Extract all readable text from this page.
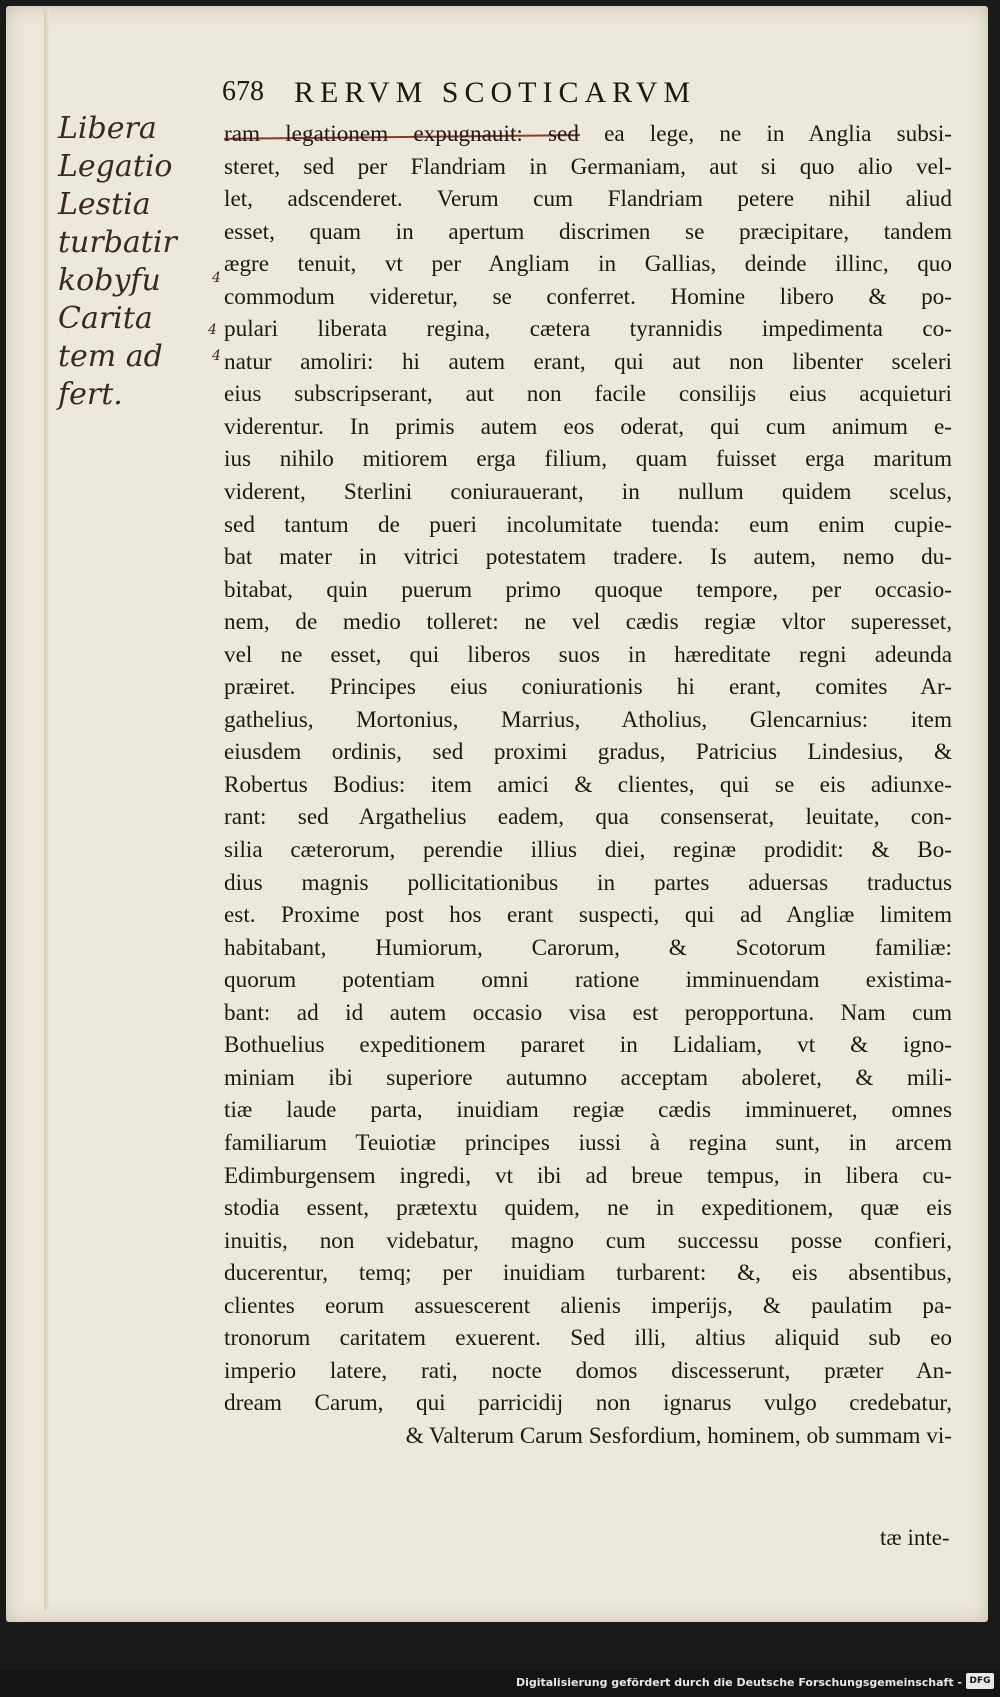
678 RERVM SCOTICARVM
Libera
Legatio
Lestia
turbatir
kobyfu
Carita
tem ad
fert.
4
4
4
ram legationem expugnauit: sed ea lege, ne in Anglia subsi-
steret, sed per Flandriam in Germaniam, aut si quo alio vel-
let, adscenderet. Verum cum Flandriam petere nihil aliud
esset, quam in apertum discrimen se præcipitare, tandem
ægre tenuit, vt per Angliam in Gallias, deinde illinc, quo
commodum videretur, se conferret. Homine libero & po-
pulari liberata regina, cætera tyrannidis impedimenta co-
natur amoliri: hi autem erant, qui aut non libenter sceleri
eius subscripserant, aut non facile consilijs eius acquieturi
viderentur. In primis autem eos oderat, qui cum animum e-
ius nihilo mitiorem erga filium, quam fuisset erga maritum
viderent, Sterlini coniurauerant, in nullum quidem scelus,
sed tantum de pueri incolumitate tuenda: eum enim cupie-
bat mater in vitrici potestatem tradere. Is autem, nemo du-
bitabat, quin puerum primo quoque tempore, per occasio-
nem, de medio tolleret: ne vel cædis regiæ vltor superesset,
vel ne esset, qui liberos suos in hæreditate regni adeunda
præiret. Principes eius coniurationis hi erant, comites Ar-
gathelius, Mortonius, Marrius, Atholius, Glencarnius: item
eiusdem ordinis, sed proximi gradus, Patricius Lindesius, &
Robertus Bodius: item amici & clientes, qui se eis adiunxe-
rant: sed Argathelius eadem, qua consenserat, leuitate, con-
silia cæterorum, perendie illius diei, reginæ prodidit: & Bo-
dius magnis pollicitationibus in partes aduersas traductus
est. Proxime post hos erant suspecti, qui ad Angliæ limitem
habitabant, Humiorum, Carorum, & Scotorum familiæ:
quorum potentiam omni ratione imminuendam existima-
bant: ad id autem occasio visa est peropportuna. Nam cum
Bothuelius expeditionem pararet in Lidaliam, vt & igno-
miniam ibi superiore autumno acceptam aboleret, & mili-
tiæ laude parta, inuidiam regiæ cædis imminueret, omnes
familiarum Teuiotiæ principes iussi à regina sunt, in arcem
Edimburgensem ingredi, vt ibi ad breue tempus, in libera cu-
stodia essent, prætextu quidem, ne in expeditionem, quæ eis
inuitis, non videbatur, magno cum successu posse confieri,
ducerentur, temq; per inuidiam turbarent: &, eis absentibus,
clientes eorum assuescerent alienis imperijs, & paulatim pa-
tronorum caritatem exuerent. Sed illi, altius aliquid sub eo
imperio latere, rati, nocte domos discesserunt, præter An-
dream Carum, qui parricidij non ignarus vulgo credebatur,
& Valterum Carum Sesfordium, hominem, ob summam vi-
tæ inte-
Digitalisierung gefördert durch die Deutsche Forschungsgemeinschaft - DFG
